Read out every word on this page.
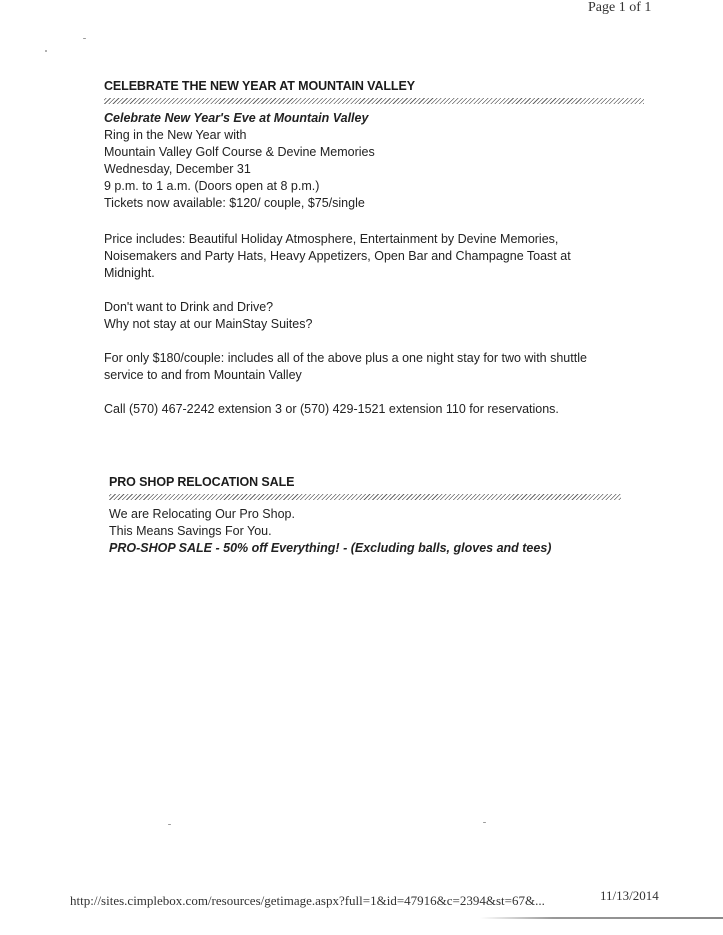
Page 1 of 1
CELEBRATE THE NEW YEAR AT MOUNTAIN VALLEY

Celebrate New Year's Eve at Mountain Valley

Ring in the New Year with

Mountain Valley Golf Course & Devine Memories

Wednesday, December 31

9 p.m. to 1 a.m. (Doors open at 8 p.m.)

Tickets now available: $120/ couple, $75/single

Price includes: Beautiful Holiday Atmosphere, Entertainment by Devine Memories, Noisemakers and Party Hats, Heavy Appetizers, Open Bar and Champagne Toast at Midnight.

Don't want to Drink and Drive?

Why not stay at our MainStay Suites?

For only $180/couple: includes all of the above plus a one night stay for two with shuttle service to and from Mountain Valley

Call (570) 467-2242 extension 3 or (570) 429-1521 extension 110 for reservations.

PRO SHOP RELOCATION SALE

We are Relocating Our Pro Shop.

This Means Savings For You.

PRO-SHOP SALE - 50% off Everything! - (Excluding balls, gloves and tees)

http://sites.cimplebox.com/resources/getimage.aspx?full=1&id=47916&c=2394&st=67&...	11/13/2014
